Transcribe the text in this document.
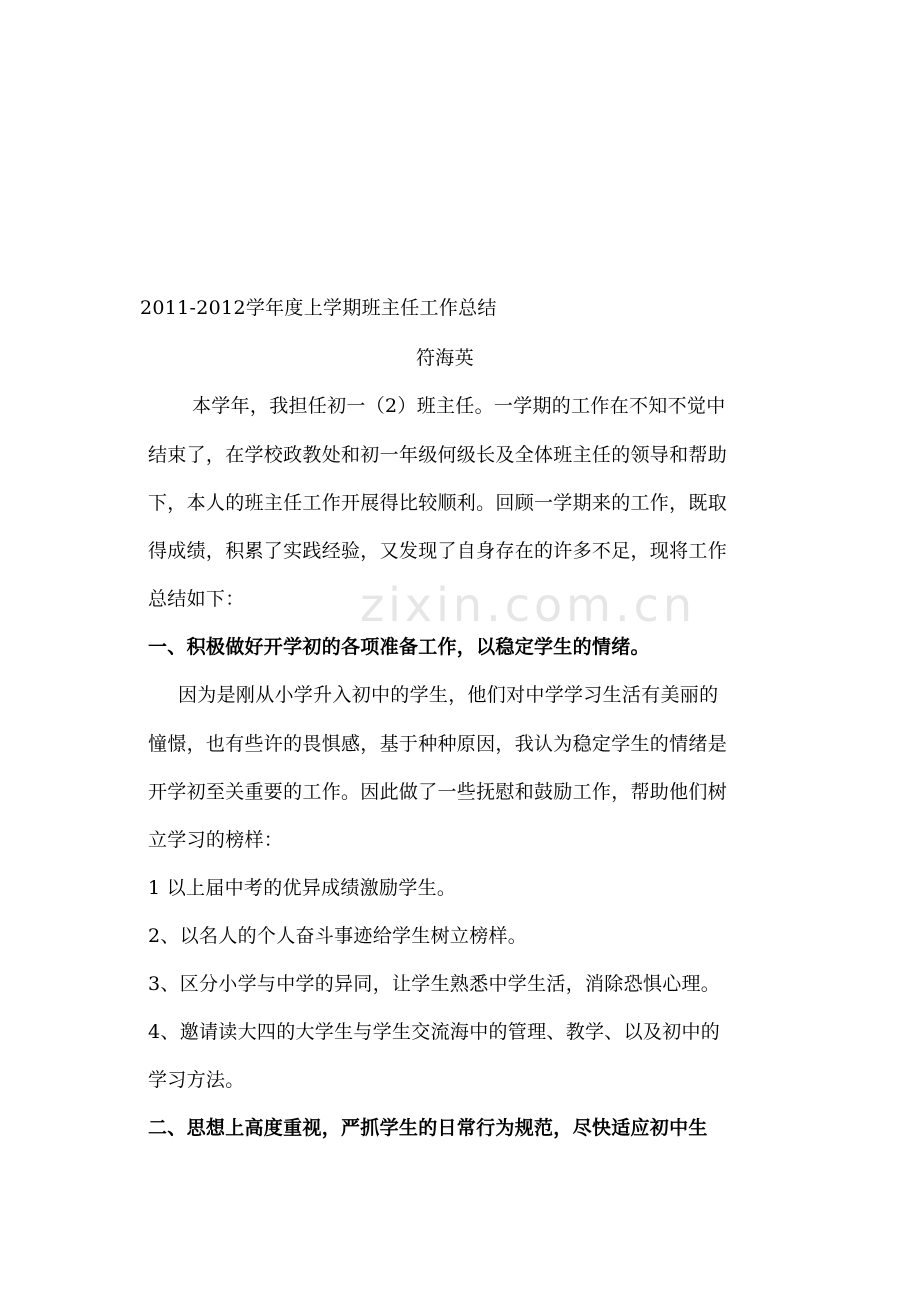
zixin.com.cn
2011-2012学年度上学期班主任工作总结
符海英
本学年，我担任初一（2）班主任。一学期的工作在不知不觉中
结束了，在学校政教处和初一年级何级长及全体班主任的领导和帮助
下，本人的班主任工作开展得比较顺利。回顾一学期来的工作，既取
得成绩，积累了实践经验，又发现了自身存在的许多不足，现将工作
总结如下：
一、积极做好开学初的各项准备工作，以稳定学生的情绪。
因为是刚从小学升入初中的学生，他们对中学学习生活有美丽的
憧憬，也有些许的畏惧感，基于种种原因，我认为稳定学生的情绪是
开学初至关重要的工作。因此做了一些抚慰和鼓励工作，帮助他们树
立学习的榜样：
1 以上届中考的优异成绩激励学生。
2、以名人的个人奋斗事迹给学生树立榜样。
3、区分小学与中学的异同，让学生熟悉中学生活，消除恐惧心理。
4、邀请读大四的大学生与学生交流海中的管理、教学、以及初中的
学习方法。
二、思想上高度重视，严抓学生的日常行为规范，尽快适应初中生
